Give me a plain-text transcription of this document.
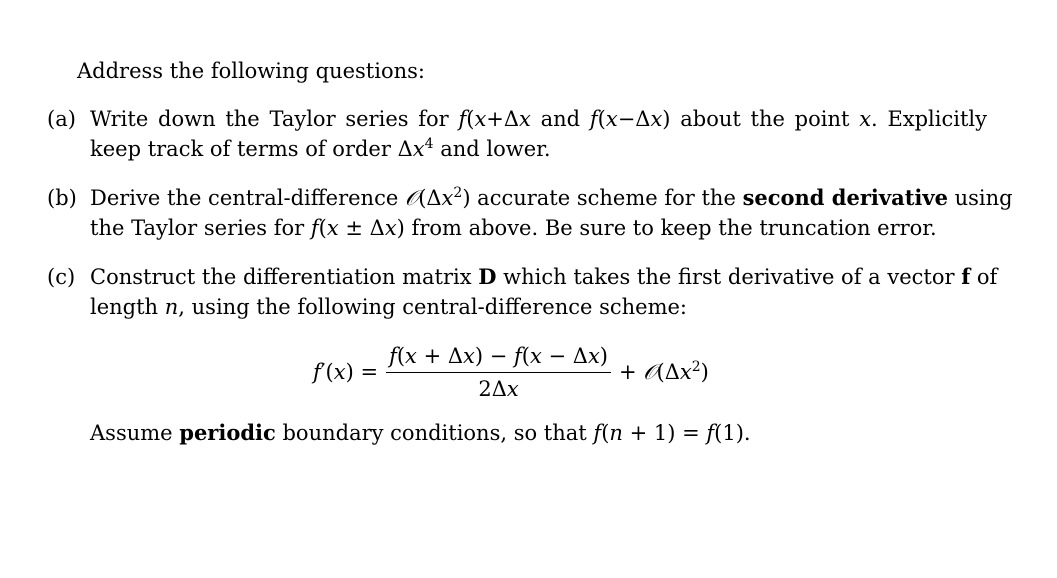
Address the following questions:
(a) Write down the Taylor series for f(x+Δx and f(x−Δx) about the point x. Explicitly
keep track of terms of order $\Delta x^4$ and lower.
(b) Derive the central-difference $𝒪(\Delta x^2)$ accurate scheme for the second derivative using
the Taylor series for f(x ± Δx) from above. Be sure to keep the truncation error.
(c) Construct the differentiation matrix D which takes the first derivative of a vector f of
length n, using the following central-difference scheme:
$f'(x) = \frac{f(x + \Delta x) - f(x - \Delta x)}{2\Delta x}$ + $𝒪(\Delta x^2)$
Assume periodic boundary conditions, so that f(n + 1) = f(1).
